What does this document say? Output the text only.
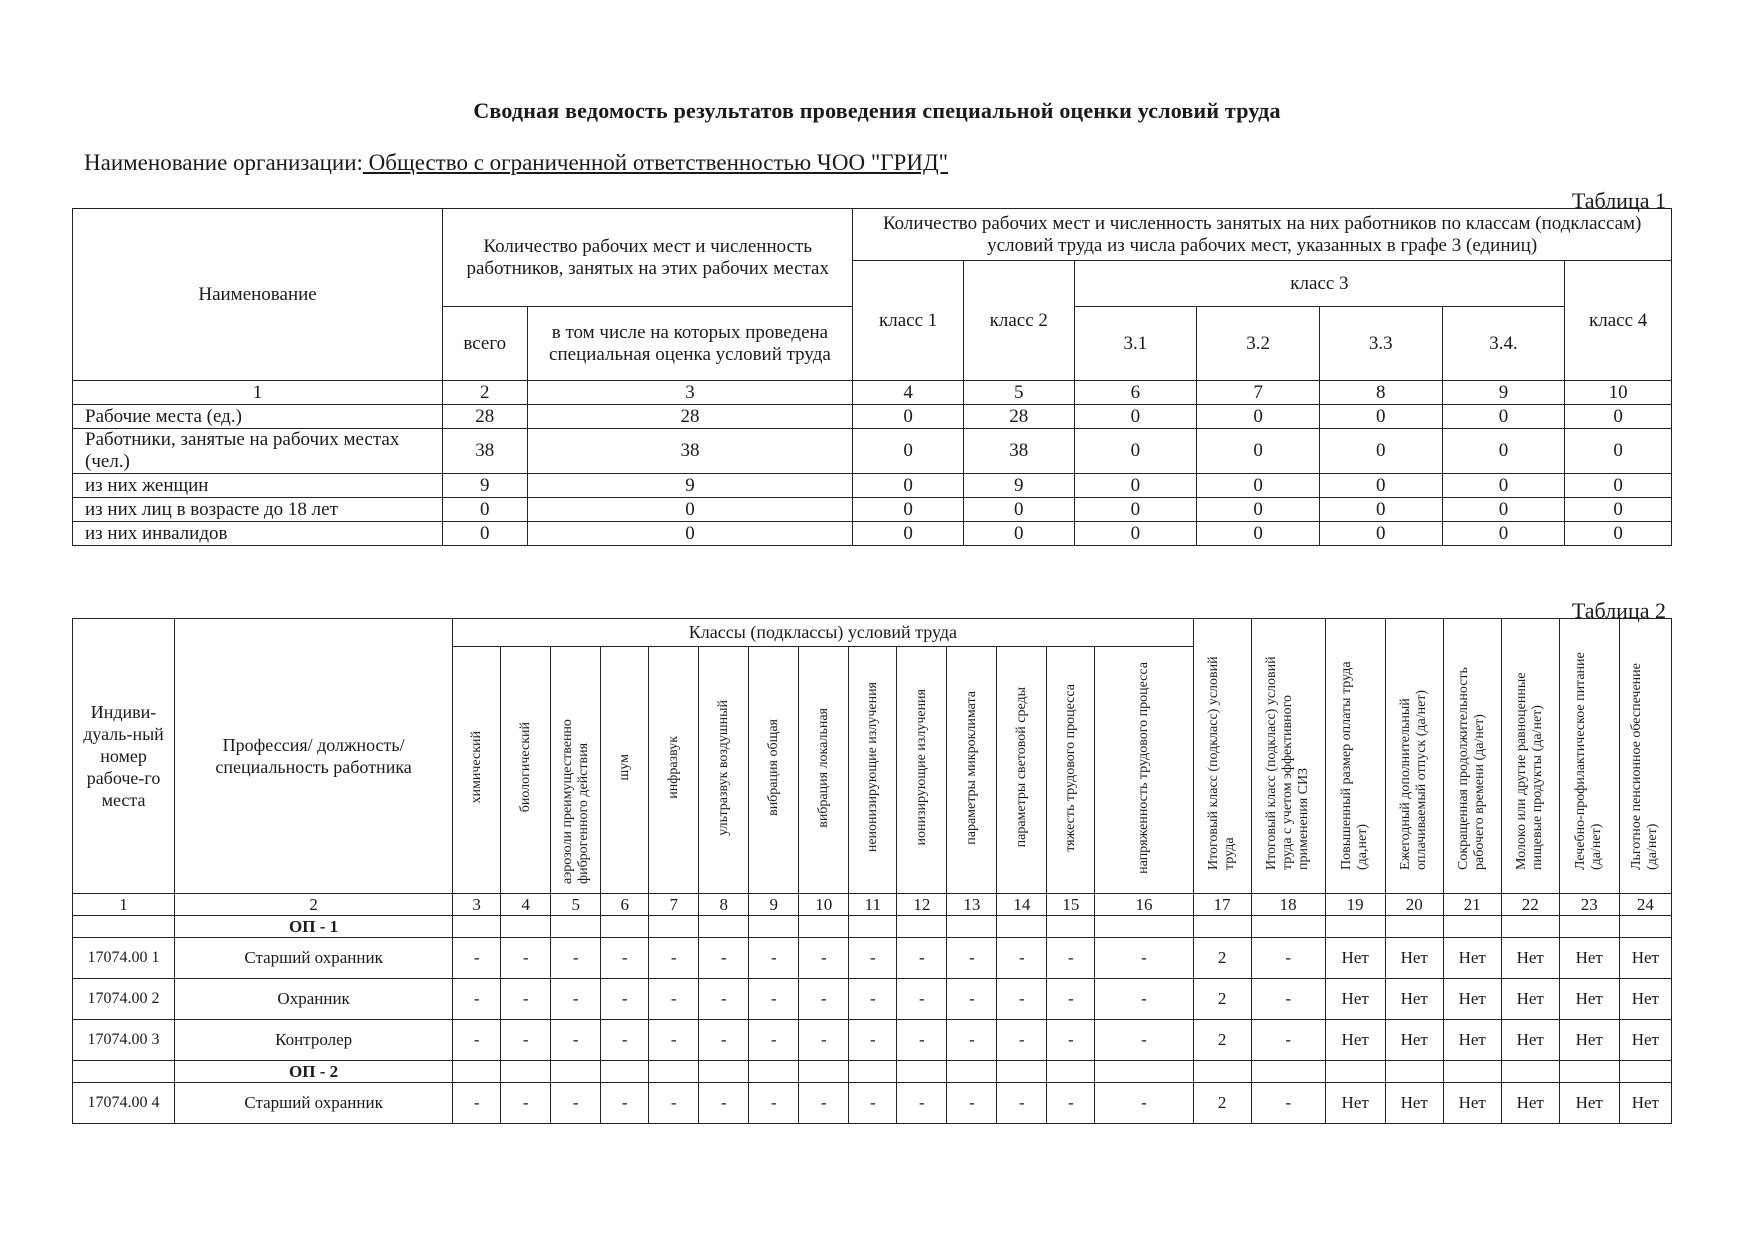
Сводная ведомость результатов проведения специальной оценки условий труда
Наименование организации: Общество с ограниченной ответственностью ЧОО "ГРИД"
Таблица 1
Наименование	Количество рабочих мест и численность работников, занятых на этих рабочих местах		Количество рабочих мест и численность занятых на них работников по классам (подклассам) условий труда из числа рабочих мест, указанных в графе 3 (единиц)						
			класс 1	класс 2	класс 3				класс 4
	всего	в том числе на которых проведена специальная оценка условий труда			3.1	3.2	3.3	3.4.	
1	2	3	4	5	6	7	8	9	10
Рабочие места (ед.)	28	28	0	28	0	0	0	0	0
Работники, занятые на рабочих местах (чел.)	38	38	0	38	0	0	0	0	0
из них женщин	9	9	0	9	0	0	0	0	0
из них лиц в возрасте до 18 лет	0	0	0	0	0	0	0	0	0
из них инвалидов	0	0	0	0	0	0	0	0	0
Таблица 2
Индиви-дуаль-ный номер рабоче-го места	Профессия/ должность/ специальность работника	Классы (подклассы) условий труда														Итоговый класс (подкласс) условий труда	Итоговый класс (подкласс) условий труда с учетом эффективного применения СИЗ	Повышенный размер оплаты труда (да,нет)	Ежегодный дополнительный оплачиваемый отпуск (да/нет)	Сокращенная продолжительность рабочего времени (да/нет)	Молоко или другие равноценные пищевые продукты (да/нет)	Лечебно-профилактическое питание (да/нет)	Льготное пенсионное обеспечение (да/нет)
		химический	биологический	аэрозоли преимущественно фиброгенного действия	шум	инфразвук	ультразвук воздушный	вибрация общая	вибрация локальная	неионизирующие излучения	ионизирующие излучения	параметры микроклимата	параметры световой среды	тяжесть трудового процесса	напряженность трудового процесса								
1	2	3	4	5	6	7	8	9	10	11	12	13	14	15	16	17	18	19	20	21	22	23	24
	ОП - 1																						
17074.00 1	Старший охранник	-	-	-	-	-	-	-	-	-	-	-	-	-	-	2	-	Нет	Нет	Нет	Нет	Нет	Нет
17074.00 2	Охранник	-	-	-	-	-	-	-	-	-	-	-	-	-	-	2	-	Нет	Нет	Нет	Нет	Нет	Нет
17074.00 3	Контролер	-	-	-	-	-	-	-	-	-	-	-	-	-	-	2	-	Нет	Нет	Нет	Нет	Нет	Нет
	ОП - 2																						
17074.00 4	Старший охранник	-	-	-	-	-	-	-	-	-	-	-	-	-	-	2	-	Нет	Нет	Нет	Нет	Нет	Нет
